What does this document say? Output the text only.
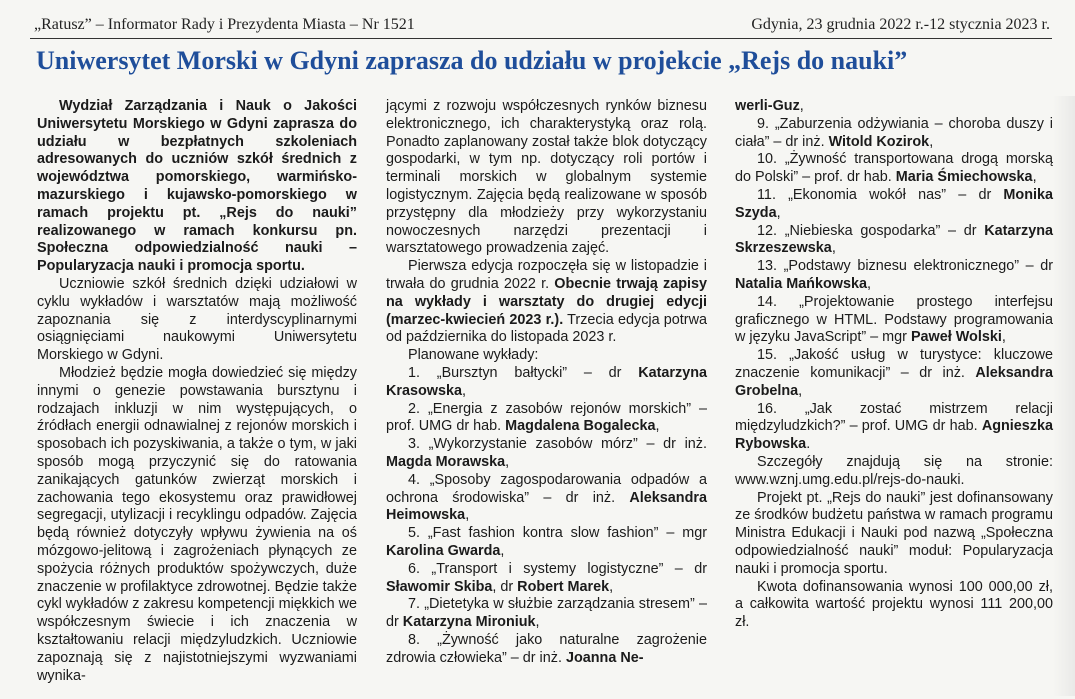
„Ratusz” – Informator Rady i Prezydenta Miasta – Nr 1521	Gdynia, 23 grudnia 2022 r.-12 stycznia 2023 r.
Uniwersytet Morski w Gdyni zaprasza do udziału w projekcie „Rejs do nauki”

Wydział Zarządzania i Nauk o Jakości Uniwersytetu Morskiego w Gdyni zaprasza do udziału w bezpłatnych szkoleniach adresowanych do uczniów szkół średnich z województwa pomorskiego, warmińsko-mazurskiego i kujawsko-pomorskiego w ramach projektu pt. „Rejs do nauki” realizowanego w ramach konkursu pn. Społeczna odpowiedzialność nauki – Popularyzacja nauki i promocja sportu.

Uczniowie szkół średnich dzięki udziałowi w cyklu wykładów i warsztatów mają możliwość zapoznania się z interdyscyplinarnymi osiągnięciami naukowymi Uniwersytetu Morskiego w Gdyni.

Młodzież będzie mogła dowiedzieć się między innymi o genezie powstawania bursztynu i rodzajach inkluzji w nim występujących, o źródłach energii odnawialnej z rejonów morskich i sposobach ich pozyskiwania, a także o tym, w jaki sposób mogą przyczynić się do ratowania zanikających gatunków zwierząt morskich i zachowania tego ekosystemu oraz prawidłowej segregacji, utylizacji i recyklingu odpadów. Zajęcia będą również dotyczyły wpływu żywienia na oś mózgowo-jelitową i zagrożeniach płynących ze spożycia różnych produktów spożywczych, duże znaczenie w profilaktyce zdrowotnej. Będzie także cykl wykładów z zakresu kompetencji miękkich we współczesnym świecie i ich znaczenia w kształtowaniu relacji międzyludzkich. Uczniowie zapoznają się z najistotniejszymi wyzwaniami wynika-

jącymi z rozwoju współczesnych rynków biznesu elektronicznego, ich charakterystyką oraz rolą. Ponadto zaplanowany został także blok dotyczący gospodarki, w tym np. dotyczący roli portów i terminali morskich w globalnym systemie logistycznym. Zajęcia będą realizowane w sposób przystępny dla młodzieży przy wykorzystaniu nowoczesnych narzędzi prezentacji i warsztatowego prowadzenia zajęć.

Pierwsza edycja rozpoczęła się w listopadzie i trwała do grudnia 2022 r. Obecnie trwają zapisy na wykłady i warsztaty do drugiej edycji (marzec-kwiecień 2023 r.). Trzecia edycja potrwa od października do listopada 2023 r.

Planowane wykłady:

1. „Bursztyn bałtycki” – dr Katarzyna Krasowska,

2. „Energia z zasobów rejonów morskich” – prof. UMG dr hab. Magdalena Bogalecka,

3. „Wykorzystanie zasobów mórz” – dr inż. Magda Morawska,

4. „Sposoby zagospodarowania odpadów a ochrona środowiska” – dr inż. Aleksandra Heimowska,

5. „Fast fashion kontra slow fashion” – mgr Karolina Gwarda,

6. „Transport i systemy logistyczne” – dr Sławomir Skiba, dr Robert Marek,

7. „Dietetyka w służbie zarządzania stresem” – dr Katarzyna Mironiuk,

8. „Żywność jako naturalne zagrożenie zdrowia człowieka” – dr inż. Joanna Ne-

werli-Guz,

9. „Zaburzenia odżywiania – choroba duszy i ciała” – dr inż. Witold Kozirok,

10. „Żywność transportowana drogą morską do Polski” – prof. dr hab. Maria Śmiechowska,

11. „Ekonomia wokół nas” – dr Monika Szyda,

12. „Niebieska gospodarka” – dr Katarzyna Skrzeszewska,

13. „Podstawy biznesu elektronicznego” – dr Natalia Mańkowska,

14. „Projektowanie prostego interfejsu graficznego w HTML. Podstawy programowania w języku JavaScript” – mgr Paweł Wolski,

15. „Jakość usług w turystyce: kluczowe znaczenie komunikacji” – dr inż. Aleksandra Grobelna,

16. „Jak zostać mistrzem relacji międzyludzkich?” – prof. UMG dr hab. Agnieszka Rybowska.

Szczegóły znajdują się na stronie: www.wznj.umg.edu.pl/rejs-do-nauki.

Projekt pt. „Rejs do nauki” jest dofinansowany ze środków budżetu państwa w ramach programu Ministra Edukacji i Nauki pod nazwą „Społeczna odpowiedzialność nauki” moduł: Popularyzacja nauki i promocja sportu.

Kwota dofinansowania wynosi 100 000,00 zł, a całkowita wartość projektu wynosi 111 200,00 zł.
